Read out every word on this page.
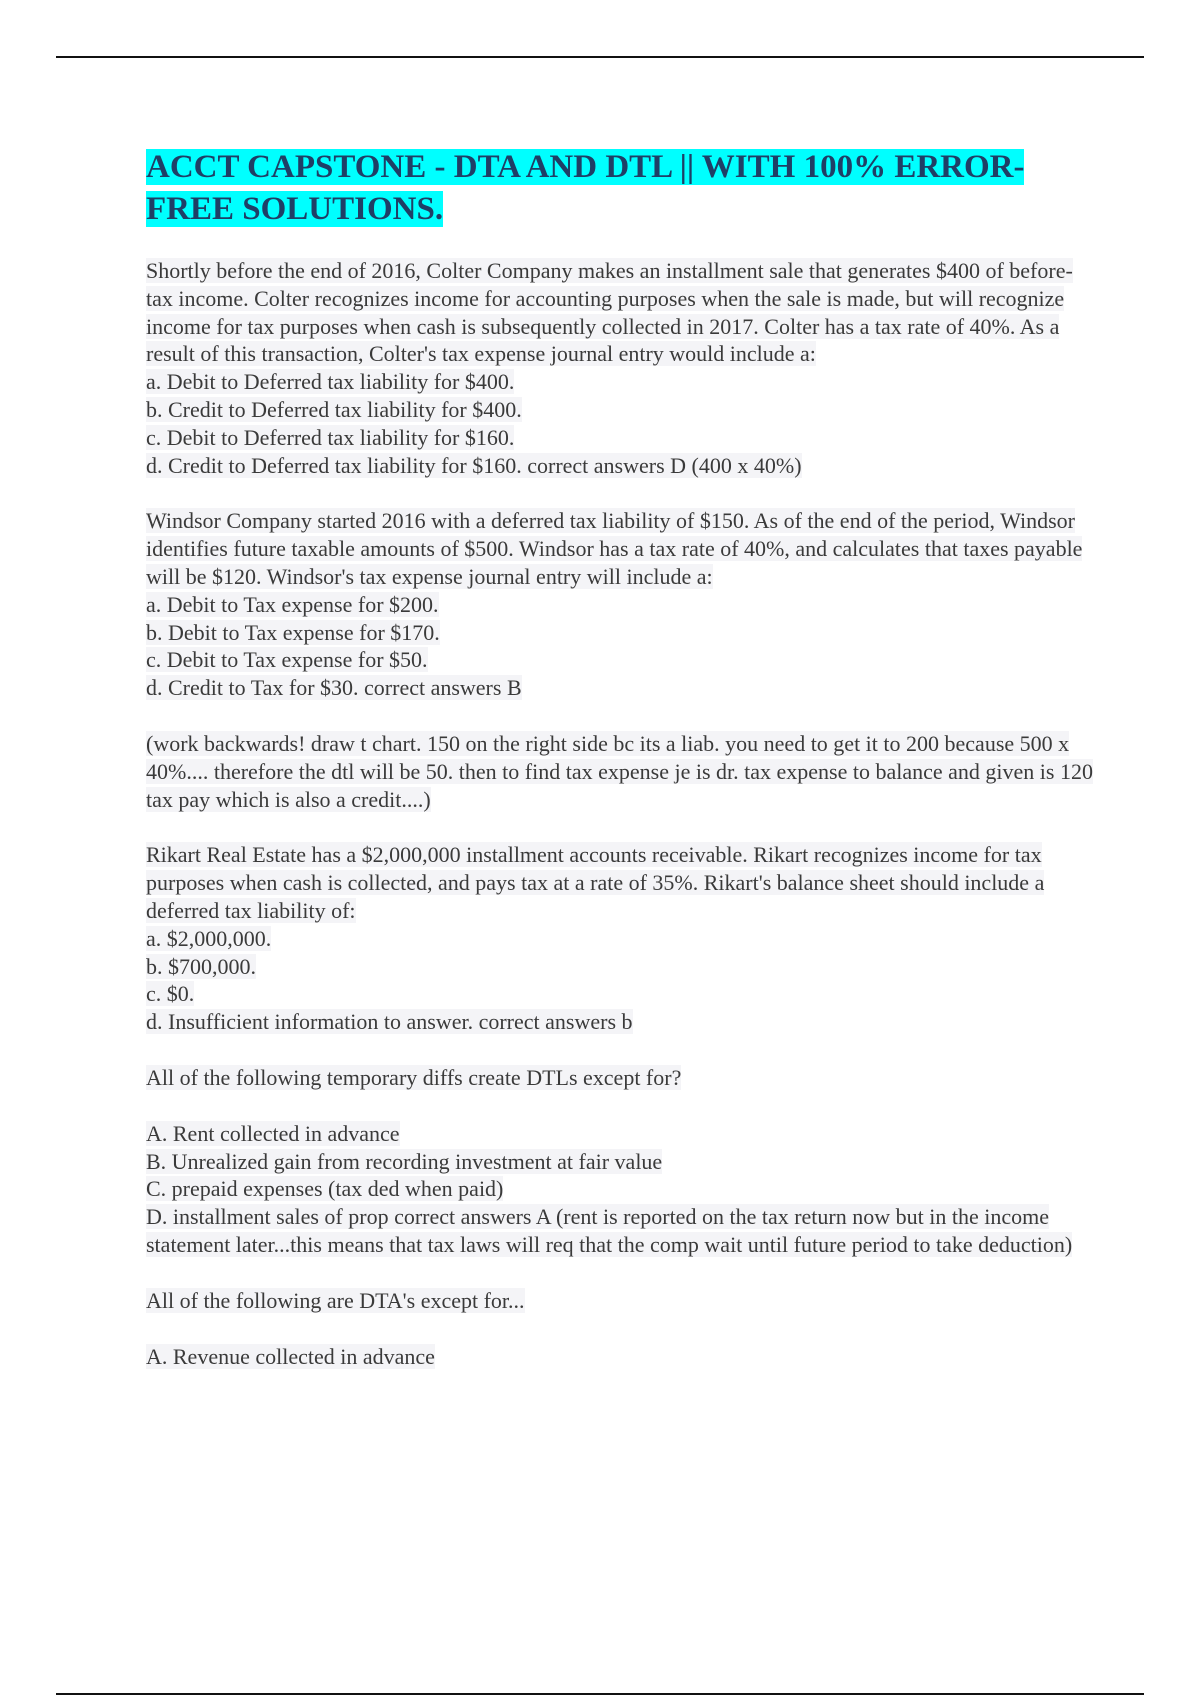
ACCT CAPSTONE - DTA AND DTL || WITH 100% ERROR-FREE SOLUTIONS.
Shortly before the end of 2016, Colter Company makes an installment sale that generates $400 of before-tax income. Colter recognizes income for accounting purposes when the sale is made, but will recognize income for tax purposes when cash is subsequently collected in 2017. Colter has a tax rate of 40%. As a result of this transaction, Colter's tax expense journal entry would include a:
a. Debit to Deferred tax liability for $400.
b. Credit to Deferred tax liability for $400.
c. Debit to Deferred tax liability for $160.
d. Credit to Deferred tax liability for $160. correct answers D (400 x 40%)
Windsor Company started 2016 with a deferred tax liability of $150. As of the end of the period, Windsor identifies future taxable amounts of $500. Windsor has a tax rate of 40%, and calculates that taxes payable will be $120. Windsor's tax expense journal entry will include a:
a. Debit to Tax expense for $200.
b. Debit to Tax expense for $170.
c. Debit to Tax expense for $50.
d. Credit to Tax for $30. correct answers B
(work backwards! draw t chart. 150 on the right side bc its a liab. you need to get it to 200 because 500 x 40%.... therefore the dtl will be 50. then to find tax expense je is dr. tax expense to balance and given is 120 tax pay which is also a credit....)
Rikart Real Estate has a $2,000,000 installment accounts receivable. Rikart recognizes income for tax purposes when cash is collected, and pays tax at a rate of 35%. Rikart's balance sheet should include a deferred tax liability of:
a. $2,000,000.
b. $700,000.
c. $0.
d. Insufficient information to answer. correct answers b
All of the following temporary diffs create DTLs except for?
A. Rent collected in advance
B. Unrealized gain from recording investment at fair value
C. prepaid expenses (tax ded when paid)
D. installment sales of prop correct answers A (rent is reported on the tax return now but in the income statement later...this means that tax laws will req that the comp wait until future period to take deduction)
All of the following are DTA's except for...
A. Revenue collected in advance
